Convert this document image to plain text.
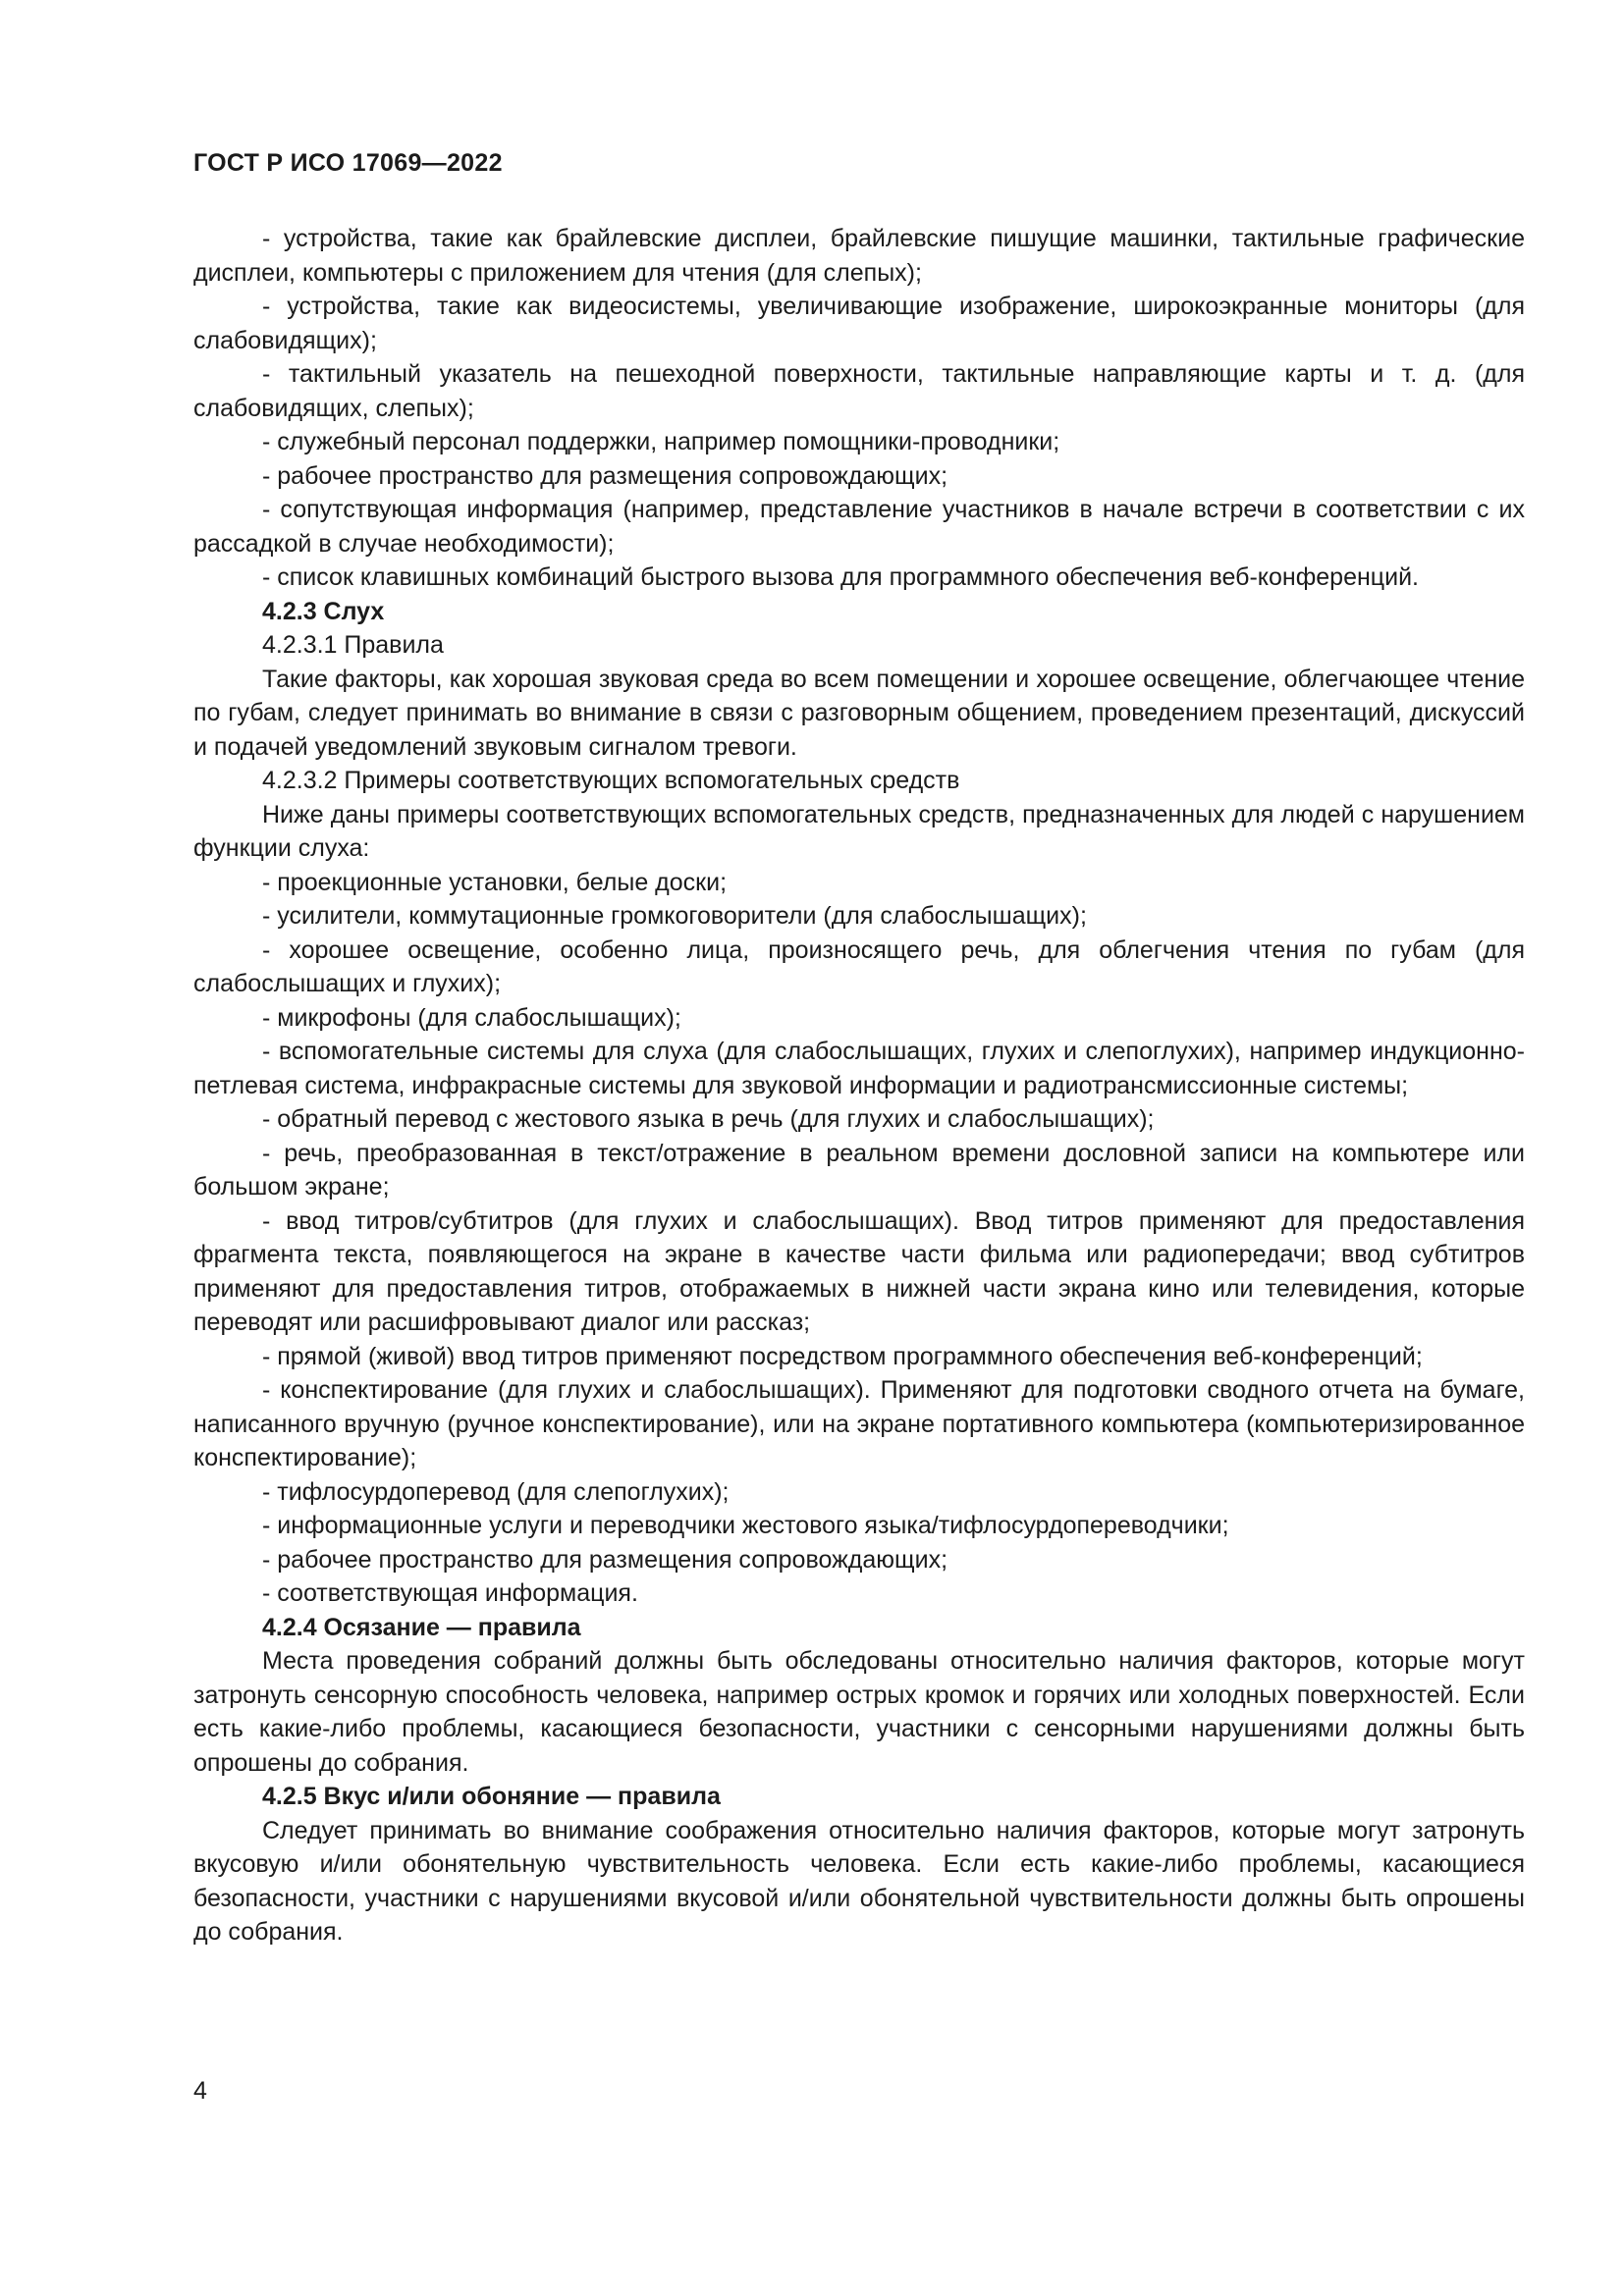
ГОСТ Р ИСО 17069—2022

- устройства, такие как брайлевские дисплеи, брайлевские пишущие машинки, тактильные графические дисплеи, компьютеры с приложением для чтения (для слепых);

- устройства, такие как видеосистемы, увеличивающие изображение, широкоэкранные мониторы (для слабовидящих);

- тактильный указатель на пешеходной поверхности, тактильные направляющие карты и т. д. (для слабовидящих, слепых);

- служебный персонал поддержки, например помощники-проводники;

- рабочее пространство для размещения сопровождающих;

- сопутствующая информация (например, представление участников в начале встречи в соответствии с их рассадкой в случае необходимости);

- список клавишных комбинаций быстрого вызова для программного обеспечения веб-конференций.

4.2.3 Слух

4.2.3.1 Правила

Такие факторы, как хорошая звуковая среда во всем помещении и хорошее освещение, облегчающее чтение по губам, следует принимать во внимание в связи с разговорным общением, проведением презентаций, дискуссий и подачей уведомлений звуковым сигналом тревоги.

4.2.3.2 Примеры соответствующих вспомогательных средств

Ниже даны примеры соответствующих вспомогательных средств, предназначенных для людей с нарушением функции слуха:

- проекционные установки, белые доски;

- усилители, коммутационные громкоговорители (для слабослышащих);

- хорошее освещение, особенно лица, произносящего речь, для облегчения чтения по губам (для слабослышащих и глухих);

- микрофоны (для слабослышащих);

- вспомогательные системы для слуха (для слабослышащих, глухих и слепоглухих), например индукционно-петлевая система, инфракрасные системы для звуковой информации и радиотрансмиссионные системы;

- обратный перевод с жестового языка в речь (для глухих и слабослышащих);

- речь, преобразованная в текст/отражение в реальном времени дословной записи на компьютере или большом экране;

- ввод титров/субтитров (для глухих и слабослышащих). Ввод титров применяют для предоставления фрагмента текста, появляющегося на экране в качестве части фильма или радиопередачи; ввод субтитров применяют для предоставления титров, отображаемых в нижней части экрана кино или телевидения, которые переводят или расшифровывают диалог или рассказ;

- прямой (живой) ввод титров применяют посредством программного обеспечения веб-конференций;

- конспектирование (для глухих и слабослышащих). Применяют для подготовки сводного отчета на бумаге, написанного вручную (ручное конспектирование), или на экране портативного компьютера (компьютеризированное конспектирование);

- тифлосурдоперевод (для слепоглухих);

- информационные услуги и переводчики жестового языка/тифлосурдопереводчики;

- рабочее пространство для размещения сопровождающих;

- соответствующая информация.

4.2.4 Осязание — правила

Места проведения собраний должны быть обследованы относительно наличия факторов, которые могут затронуть сенсорную способность человека, например острых кромок и горячих или холодных поверхностей. Если есть какие-либо проблемы, касающиеся безопасности, участники с сенсорными нарушениями должны быть опрошены до собрания.

4.2.5 Вкус и/или обоняние — правила

Следует принимать во внимание соображения относительно наличия факторов, которые могут затронуть вкусовую и/или обонятельную чувствительность человека. Если есть какие-либо проблемы, касающиеся безопасности, участники с нарушениями вкусовой и/или обонятельной чувствительности должны быть опрошены до собрания.

4
